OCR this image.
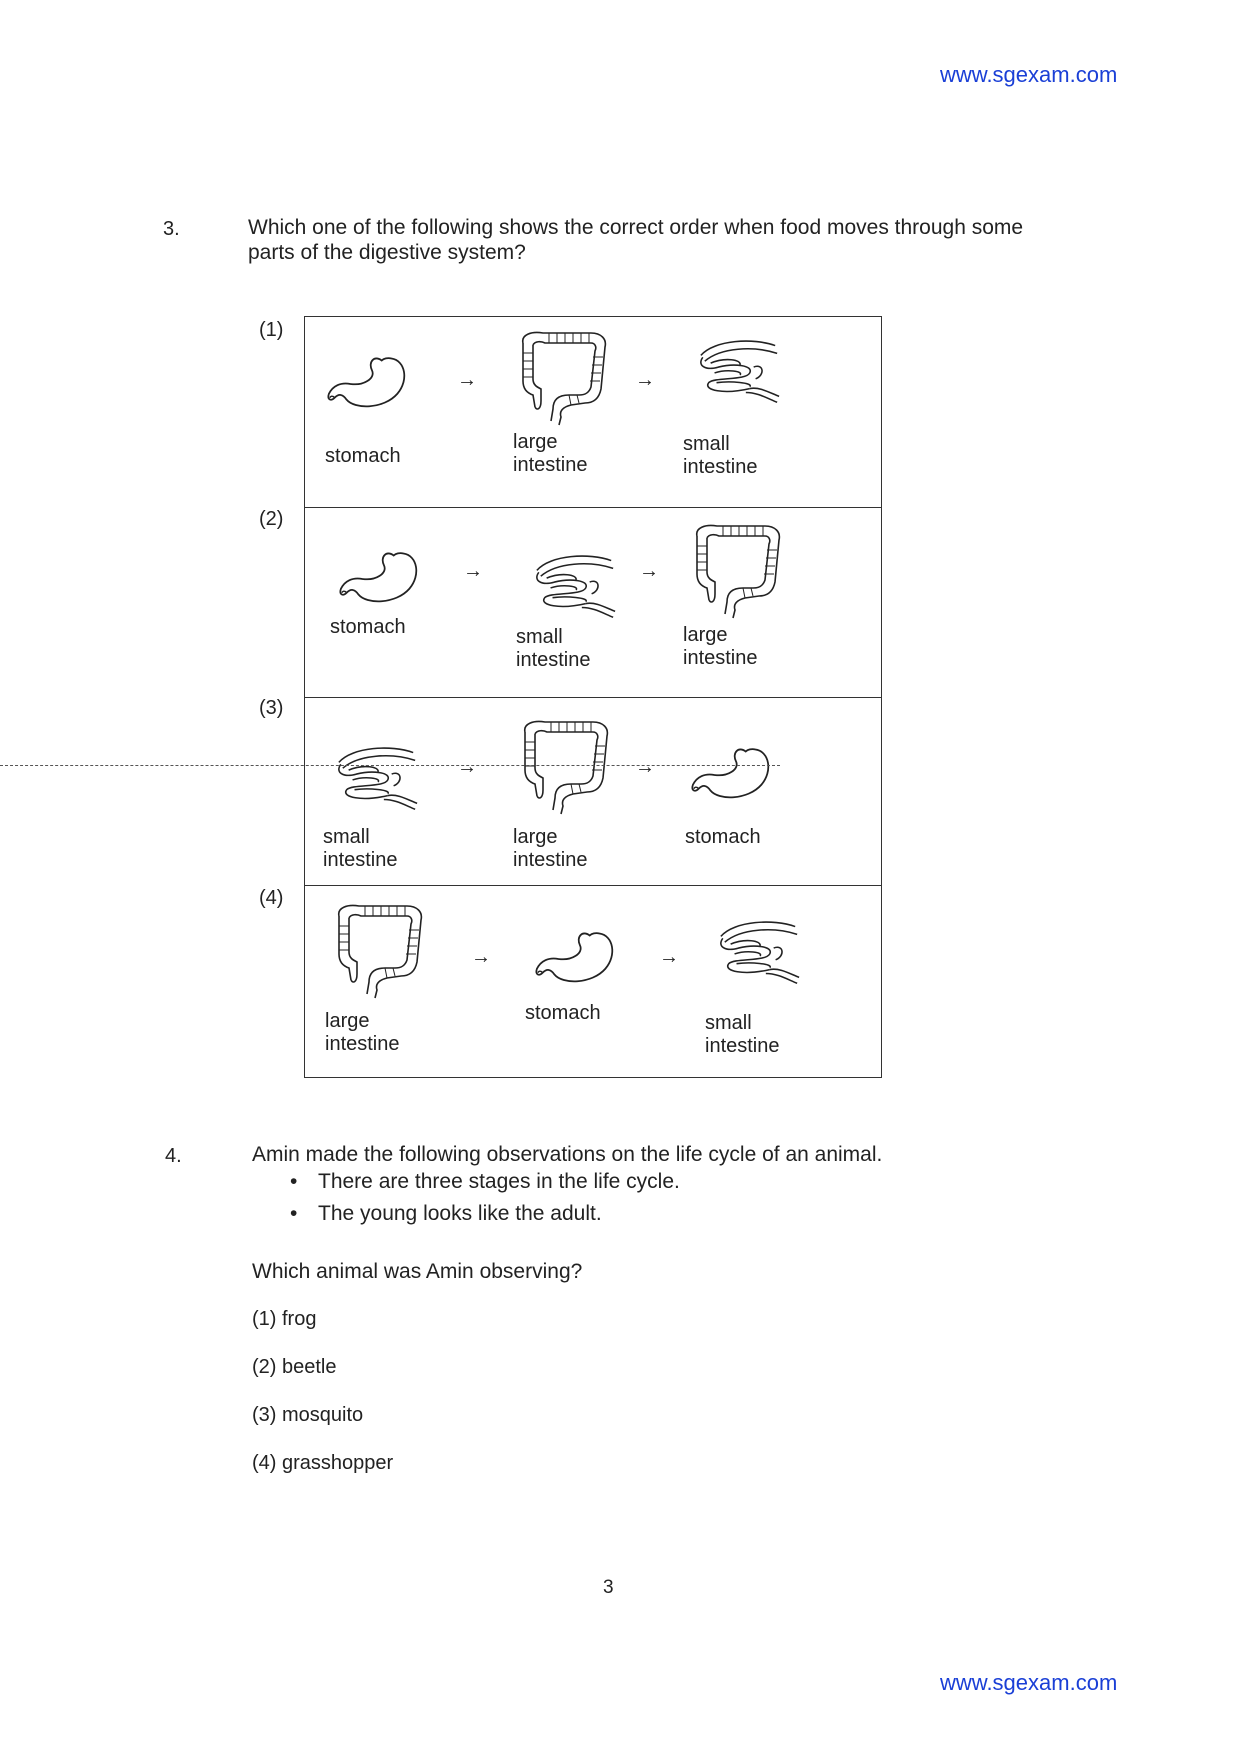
www.sgexam.com
3.	Which one of the following shows the correct order when food moves through some
parts of the digestive system?
(1)
(2)
(3)
(4)
→	→
stomach
large
intestine
small
intestine
→	→
stomach	small
intestine
large
intestine
→	→
small
intestine
large
intestine
stomach
→	→
large
intestine
stomach	small
intestine
4.	Amin made the following observations on the life cycle of an animal.
• There are three stages in the life cycle.
• The young looks like the adult.
Which animal was Amin observing?
(1) frog
(2) beetle
(3) mosquito
(4) grasshopper
3
www.sgexam.com
